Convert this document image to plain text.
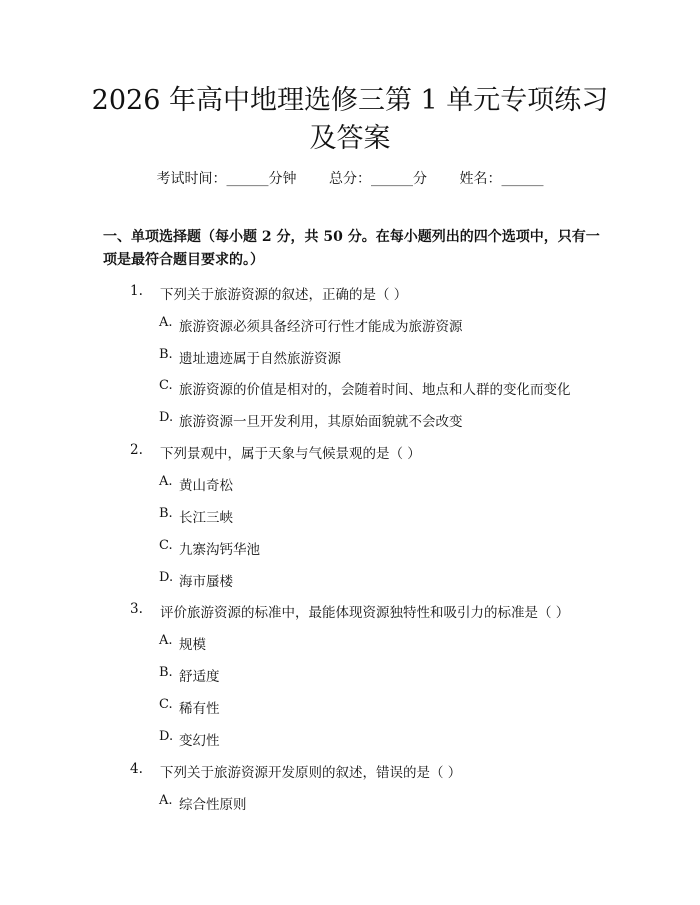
2026 年高中地理选修三第 1 单元专项练习及答案
考试时间：______分钟 总分：______分 姓名：______

一、单项选择题（每小题 2 分，共 50 分。在每小题列出的四个选项中，只有一项是最符合题目要求的。）

1. 下列关于旅游资源的叙述，正确的是（ ）
A. 旅游资源必须具备经济可行性才能成为旅游资源
B. 遗址遗迹属于自然旅游资源
C. 旅游资源的价值是相对的，会随着时间、地点和人群的变化而变化
D. 旅游资源一旦开发利用，其原始面貌就不会改变
2. 下列景观中，属于天象与气候景观的是（ ）
A. 黄山奇松
B. 长江三峡
C. 九寨沟钙华池
D. 海市蜃楼
3. 评价旅游资源的标准中，最能体现资源独特性和吸引力的标准是（ ）
A. 规模
B. 舒适度
C. 稀有性
D. 变幻性
4. 下列关于旅游资源开发原则的叙述，错误的是（ ）
A. 综合性原则
